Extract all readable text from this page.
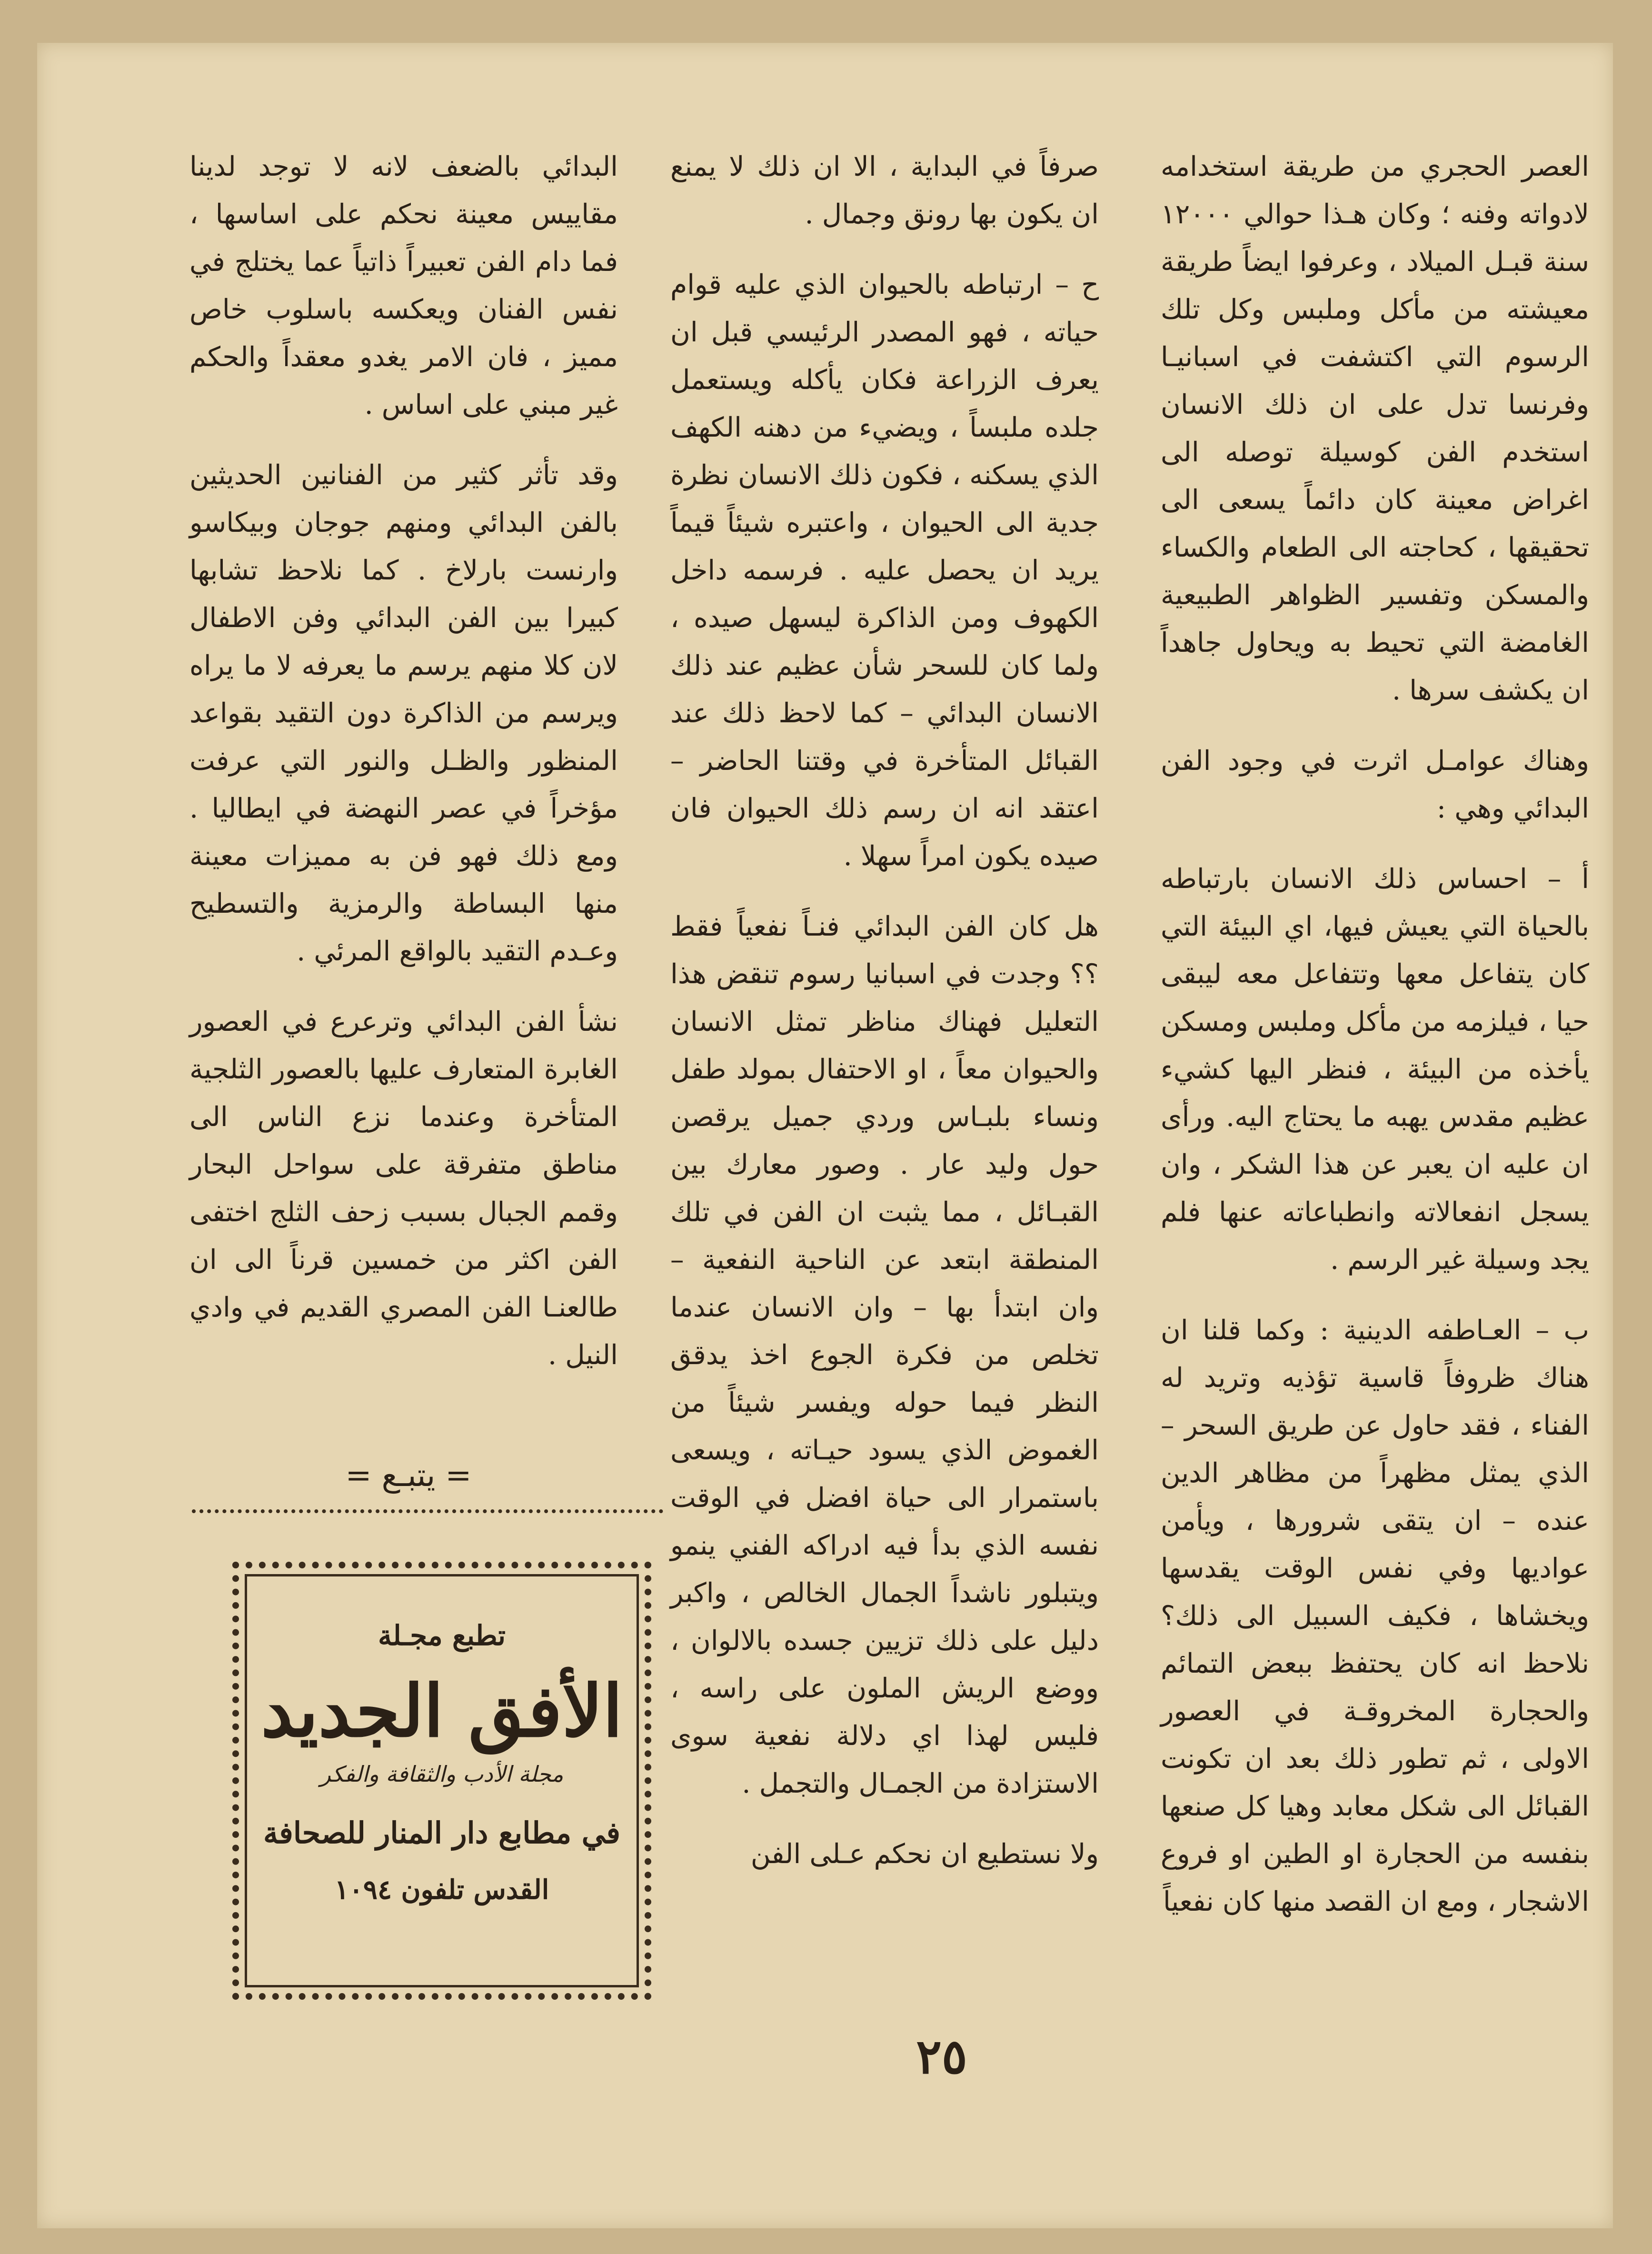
العصر الحجري من طريقة استخدامه لادواته وفنه ؛ وكان هـذا حوالي ١٢٠٠٠ سنة قبـل الميلاد ، وعرفوا ايضاً طريقة معيشته من مأكل وملبس وكل تلك الرسوم التي اكتشفت في اسبانيـا وفرنسا تدل على ان ذلك الانسان استخدم الفن كوسيلة توصله الى اغراض معينة كان دائماً يسعى الى تحقيقها ، كحاجته الى الطعام والكساء والمسكن وتفسير الظواهر الطبيعية الغامضة التي تحيط به ويحاول جاهداً ان يكشف سرها .

وهناك عوامـل اثرت في وجود الفن البدائي وهي :

أ – احساس ذلك الانسان بارتباطه بالحياة التي يعيش فيها، اي البيئة التي كان يتفاعل معها وتتفاعل معه ليبقى حيا ، فيلزمه من مأكل وملبس ومسكن يأخذه من البيئة ، فنظر اليها كشيء عظيم مقدس يهبه ما يحتاج اليه. ورأى ان عليه ان يعبر عن هذا الشكر ، وان يسجل انفعالاته وانطباعاته عنها فلم يجد وسيلة غير الرسم .

ب – العـاطفه الدينية : وكما قلنا ان هناك ظروفاً قاسية تؤذيه وتريد له الفناء ، فقد حاول عن طريق السحر – الذي يمثل مظهراً من مظاهر الدين عنده – ان يتقى شرورها ، ويأمن عواديها وفي نفس الوقت يقدسها ويخشاها ، فكيف السبيل الى ذلك؟ نلاحظ انه كان يحتفظ ببعض التمائم والحجارة المخروقـة في العصور الاولى ، ثم تطور ذلك بعد ان تكونت القبائل الى شكل معابد وهيا كل صنعها بنفسه من الحجارة او الطين او فروع الاشجار ، ومع ان القصد منها كان نفعياً

صرفاً في البداية ، الا ان ذلك لا يمنع ان يكون بها رونق وجمال .

ح – ارتباطه بالحيوان الذي عليه قوام حياته ، فهو المصدر الرئيسي قبل ان يعرف الزراعة فكان يأكله ويستعمل جلده ملبساً ، ويضيء من دهنه الكهف الذي يسكنه ، فكون ذلك الانسان نظرة جدية الى الحيوان ، واعتبره شيئاً قيماً يريد ان يحصل عليه . فرسمه داخل الكهوف ومن الذاكرة ليسهل صيده ، ولما كان للسحر شأن عظيم عند ذلك الانسان البدائي – كما لاحظ ذلك عند القبائل المتأخرة في وقتنا الحاضر – اعتقد انه ان رسم ذلك الحيوان فان صيده يكون امراً سهلا .

هل كان الفن البدائي فنـاً نفعياً فقط ؟؟ وجدت في اسبانيا رسوم تنقض هذا التعليل فهناك مناظر تمثل الانسان والحيوان معاً ، او الاحتفال بمولد طفل ونساء بلبـاس وردي جميل يرقصن حول وليد عار . وصور معارك بين القبـائل ، مما يثبت ان الفن في تلك المنطقة ابتعد عن الناحية النفعية – وان ابتدأ بها – وان الانسان عندما تخلص من فكرة الجوع اخذ يدقق النظر فيما حوله ويفسر شيئاً من الغموض الذي يسود حيـاته ، ويسعى باستمرار الى حياة افضل في الوقت نفسه الذي بدأ فيه ادراكه الفني ينمو ويتبلور ناشداً الجمال الخالص ، واكبر دليل على ذلك تزيين جسده بالالوان ، ووضع الريش الملون على راسه ، فليس لهذا اي دلالة نفعية سوى الاستزادة من الجمـال والتجمل .

ولا نستطيع ان نحكم عـلى الفن

البدائي بالضعف لانه لا توجد لدينا مقاييس معينة نحكم على اساسها ، فما دام الفن تعبيراً ذاتياً عما يختلج في نفس الفنان ويعكسه باسلوب خاص مميز ، فان الامر يغدو معقداً والحكم غير مبني على اساس .

وقد تأثر كثير من الفنانين الحديثين بالفن البدائي ومنهم جوجان وبيكاسو وارنست بارلاخ . كما نلاحظ تشابها كبيرا بين الفن البدائي وفن الاطفال لان كلا منهم يرسم ما يعرفه لا ما يراه ويرسم من الذاكرة دون التقيد بقواعد المنظور والظـل والنور التي عرفت مؤخراً في عصر النهضة في ايطاليا . ومع ذلك فهو فن به مميزات معينة منها البساطة والرمزية والتسطيح وعـدم التقيد بالواقع المرئي .

نشأ الفن البدائي وترعرع في العصور الغابرة المتعارف عليها بالعصور الثلجية المتأخرة وعندما نزع الناس الى مناطق متفرقة على سواحل البحار وقمم الجبال بسبب زحف الثلج اختفى الفن اكثر من خمسين قرناً الى ان طالعنـا الفن المصري القديم في وادي النيل .

= يتبـع =
تطبع مجـلة
الأفق الجديد
مجلة الأدب والثقافة والفكر
في مطابع دار المنار للصحافة
القدس تلفون ١٠٩٤
٢٥
